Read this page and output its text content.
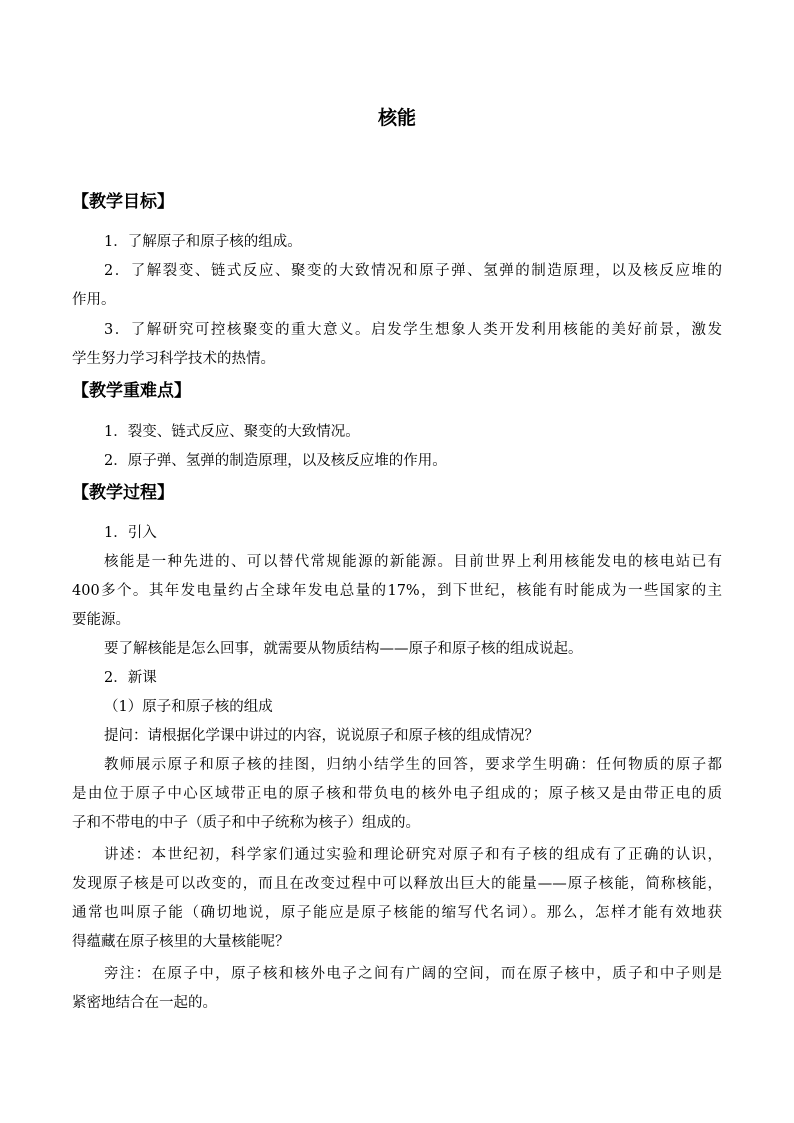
核能
【教学目标】
1．了解原子和原子核的组成。
2．了解裂变、链式反应、聚变的大致情况和原子弹、氢弹的制造原理，以及核反应堆的
作用。
3．了解研究可控核聚变的重大意义。启发学生想象人类开发利用核能的美好前景，激发
学生努力学习科学技术的热情。
【教学重难点】
1．裂变、链式反应、聚变的大致情况。
2．原子弹、氢弹的制造原理，以及核反应堆的作用。
【教学过程】
1．引入
核能是一种先进的、可以替代常规能源的新能源。目前世界上利用核能发电的核电站已有
400多个。其年发电量约占全球年发电总量的17%，到下世纪，核能有时能成为一些国家的主
要能源。
要了解核能是怎么回事，就需要从物质结构——原子和原子核的组成说起。
2．新课
（1）原子和原子核的组成
提问：请根据化学课中讲过的内容，说说原子和原子核的组成情况？
教师展示原子和原子核的挂图，归纳小结学生的回答，要求学生明确：任何物质的原子都
是由位于原子中心区域带正电的原子核和带负电的核外电子组成的；原子核又是由带正电的质
子和不带电的中子（质子和中子统称为核子）组成的。
讲述：本世纪初，科学家们通过实验和理论研究对原子和有子核的组成有了正确的认识，
发现原子核是可以改变的，而且在改变过程中可以释放出巨大的能量——原子核能，简称核能，
通常也叫原子能（确切地说，原子能应是原子核能的缩写代名词）。那么，怎样才能有效地获
得蕴藏在原子核里的大量核能呢？
旁注：在原子中，原子核和核外电子之间有广阔的空间，而在原子核中，质子和中子则是
紧密地结合在一起的。
